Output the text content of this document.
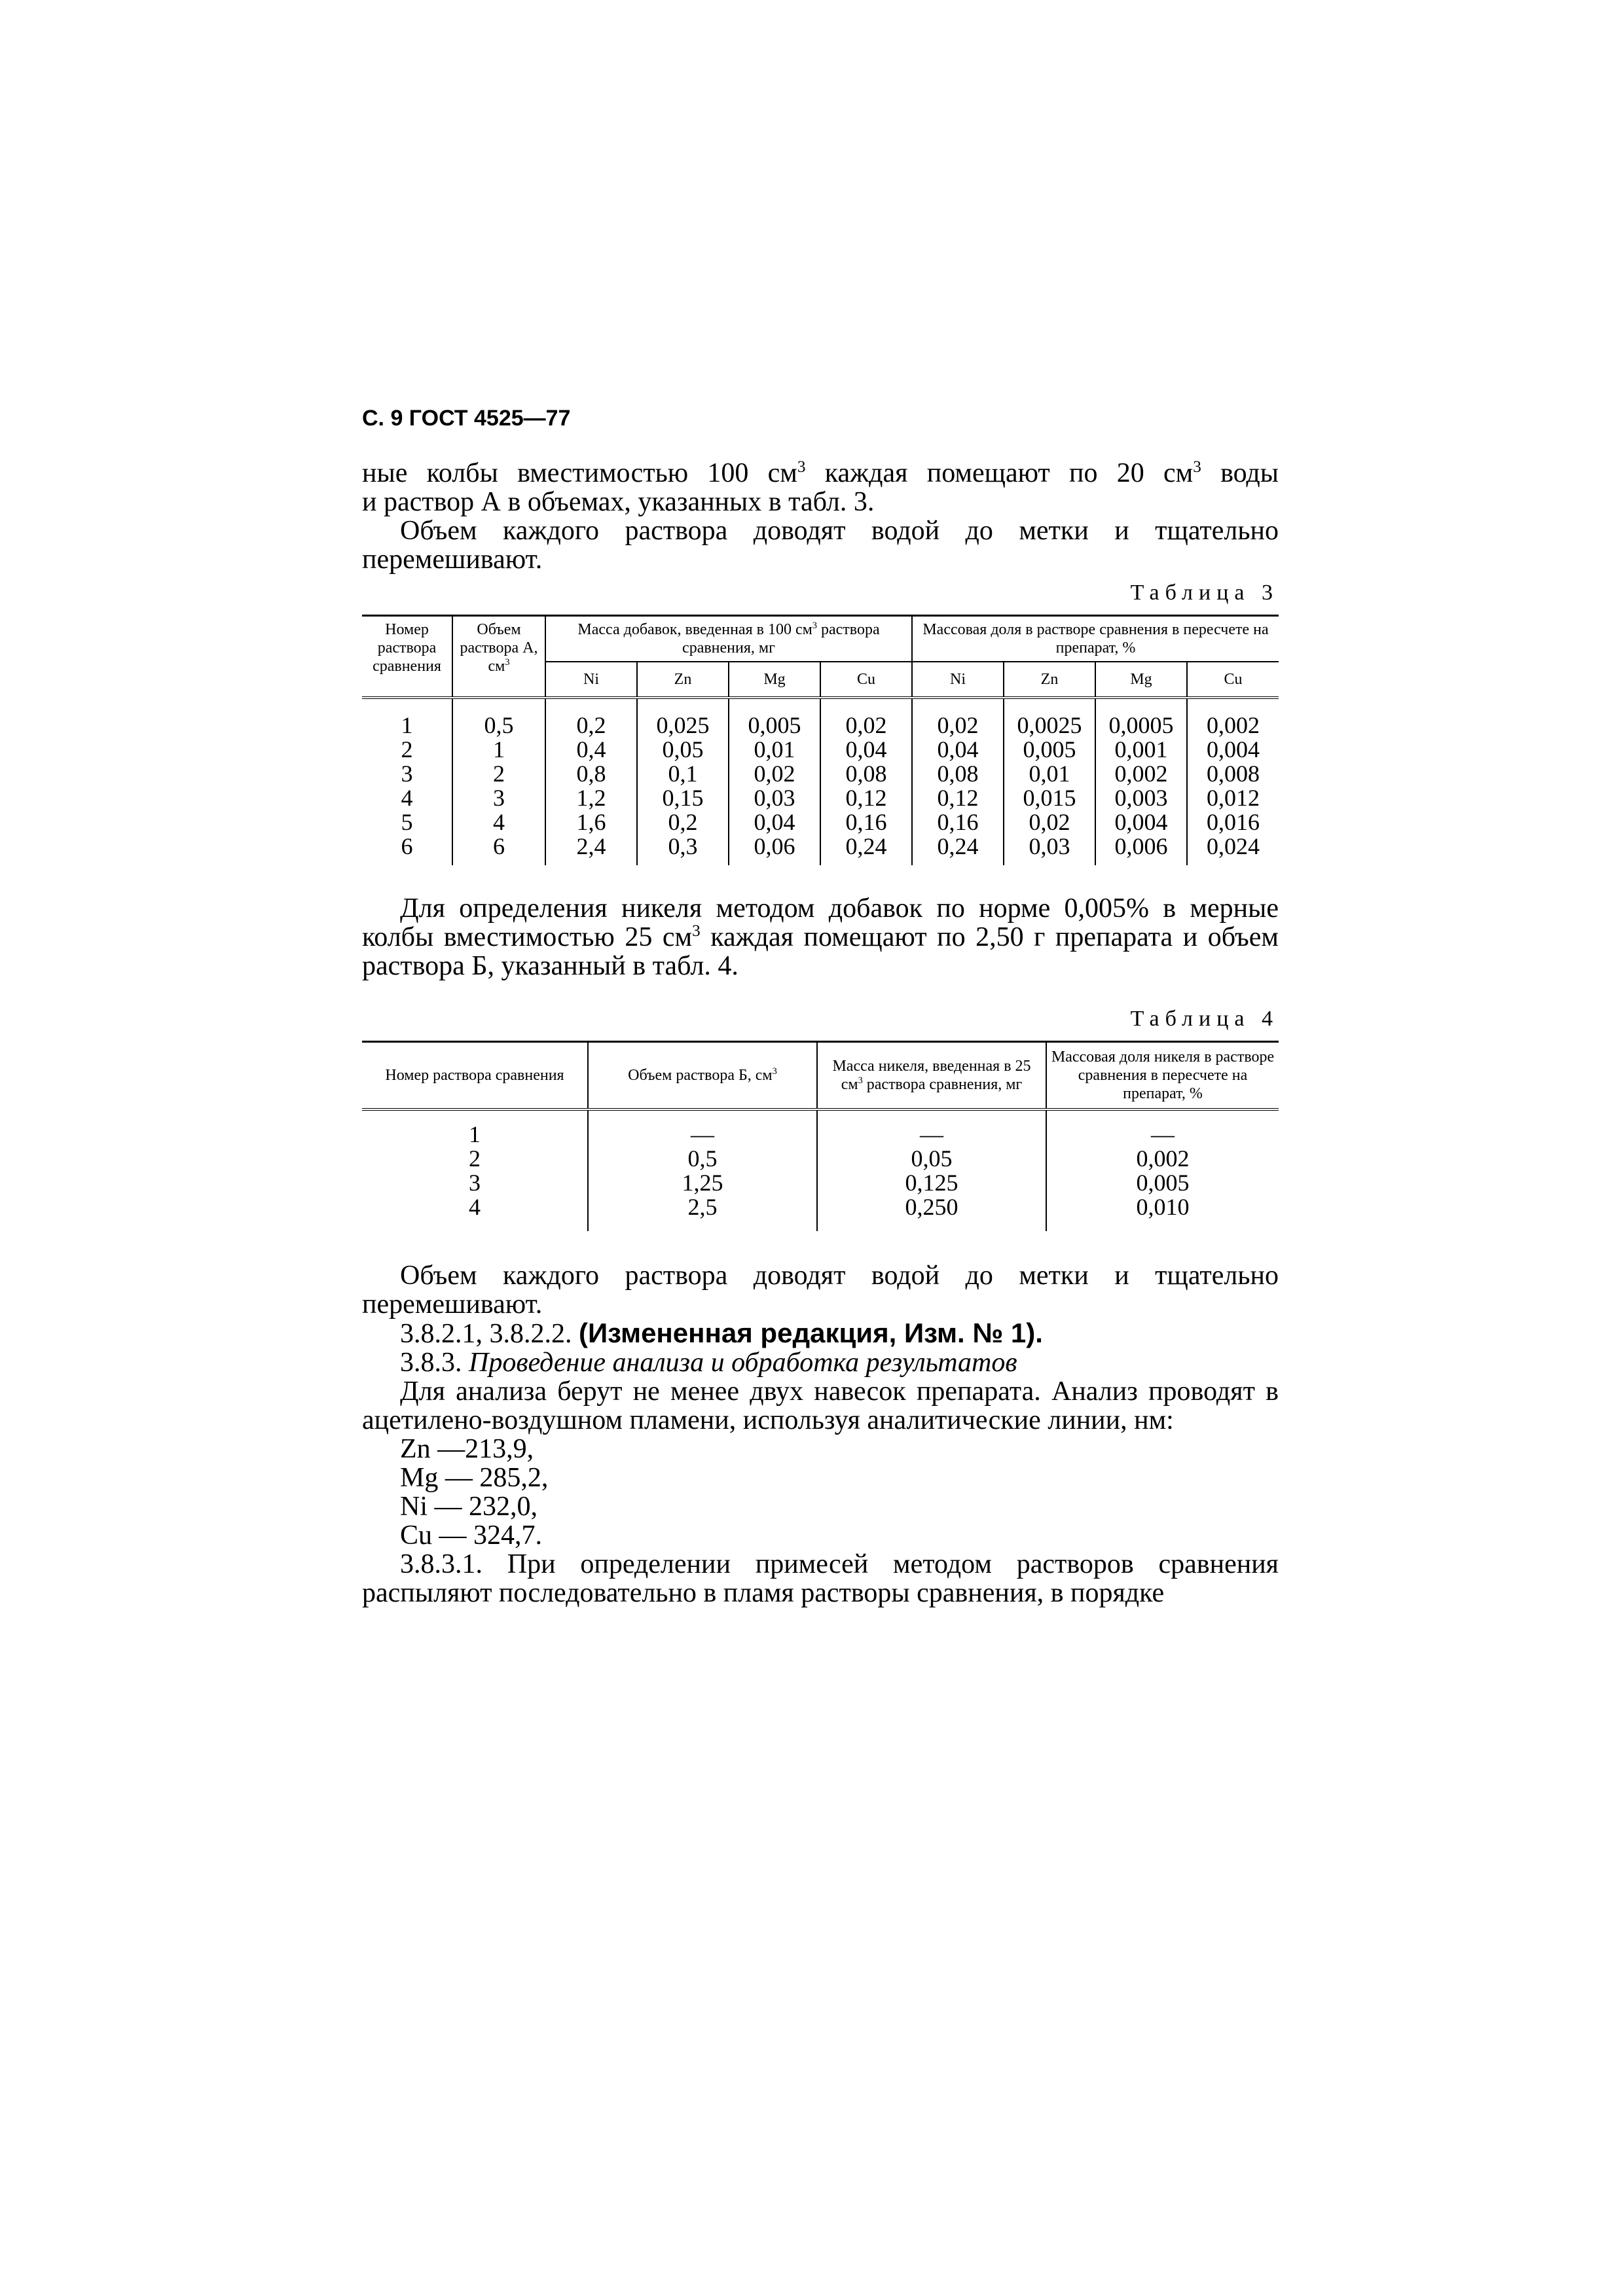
С. 9 ГОСТ 4525—77

ные колбы вместимостью 100 $см^3$ каждая помещают по 20 $см^3$ воды

и раствор А в объемах, указанных в табл. 3.

Объем каждого раствора доводят водой до метки и тщательно перемешивают.

Таблица 3
Номер раствора сравнения	Объем раствора А, $см^3$	Масса добавок, введенная в 100 $см^3$ раствора сравнения, мг				Массовая доля в растворе сравнения в пересчете на препарат, %			
		Ni	Zn	Mg	Cu	Ni	Zn	Mg	Cu
1	0,5	0,2	0,025	0,005	0,02	0,02	0,0025	0,0005	0,002
2	1	0,4	0,05	0,01	0,04	0,04	0,005	0,001	0,004
3	2	0,8	0,1	0,02	0,08	0,08	0,01	0,002	0,008
4	3	1,2	0,15	0,03	0,12	0,12	0,015	0,003	0,012
5	4	1,6	0,2	0,04	0,16	0,16	0,02	0,004	0,016
6	6	2,4	0,3	0,06	0,24	0,24	0,03	0,006	0,024

Для определения никеля методом добавок по норме 0,005% в мерные колбы вместимостью 25 $см^3$ каждая помещают по 2,50 г препарата и объем раствора Б, указанный в табл. 4.

Таблица 4
Номер раствора сравнения	Объем раствора Б, $см^3$	Масса никеля, введенная в 25 $см^3$ раствора сравнения, мг	Массовая доля никеля в растворе сравнения в пересчете на препарат, %
1	—	—	—
2	0,5	0,05	0,002
3	1,25	0,125	0,005
4	2,5	0,250	0,010

Объем каждого раствора доводят водой до метки и тщательно перемешивают.

3.8.2.1, 3.8.2.2. (Измененная редакция, Изм. № 1).

3.8.3. Проведение анализа и обработка результатов

Для анализа берут не менее двух навесок препарата. Анализ проводят в ацетилено-воздушном пламени, используя аналитические линии, нм:

Zn —213,9,

Mg — 285,2,

Ni — 232,0,

Cu — 324,7.

3.8.3.1. При определении примесей методом растворов сравнения распыляют последовательно в пламя растворы сравнения, в порядке
